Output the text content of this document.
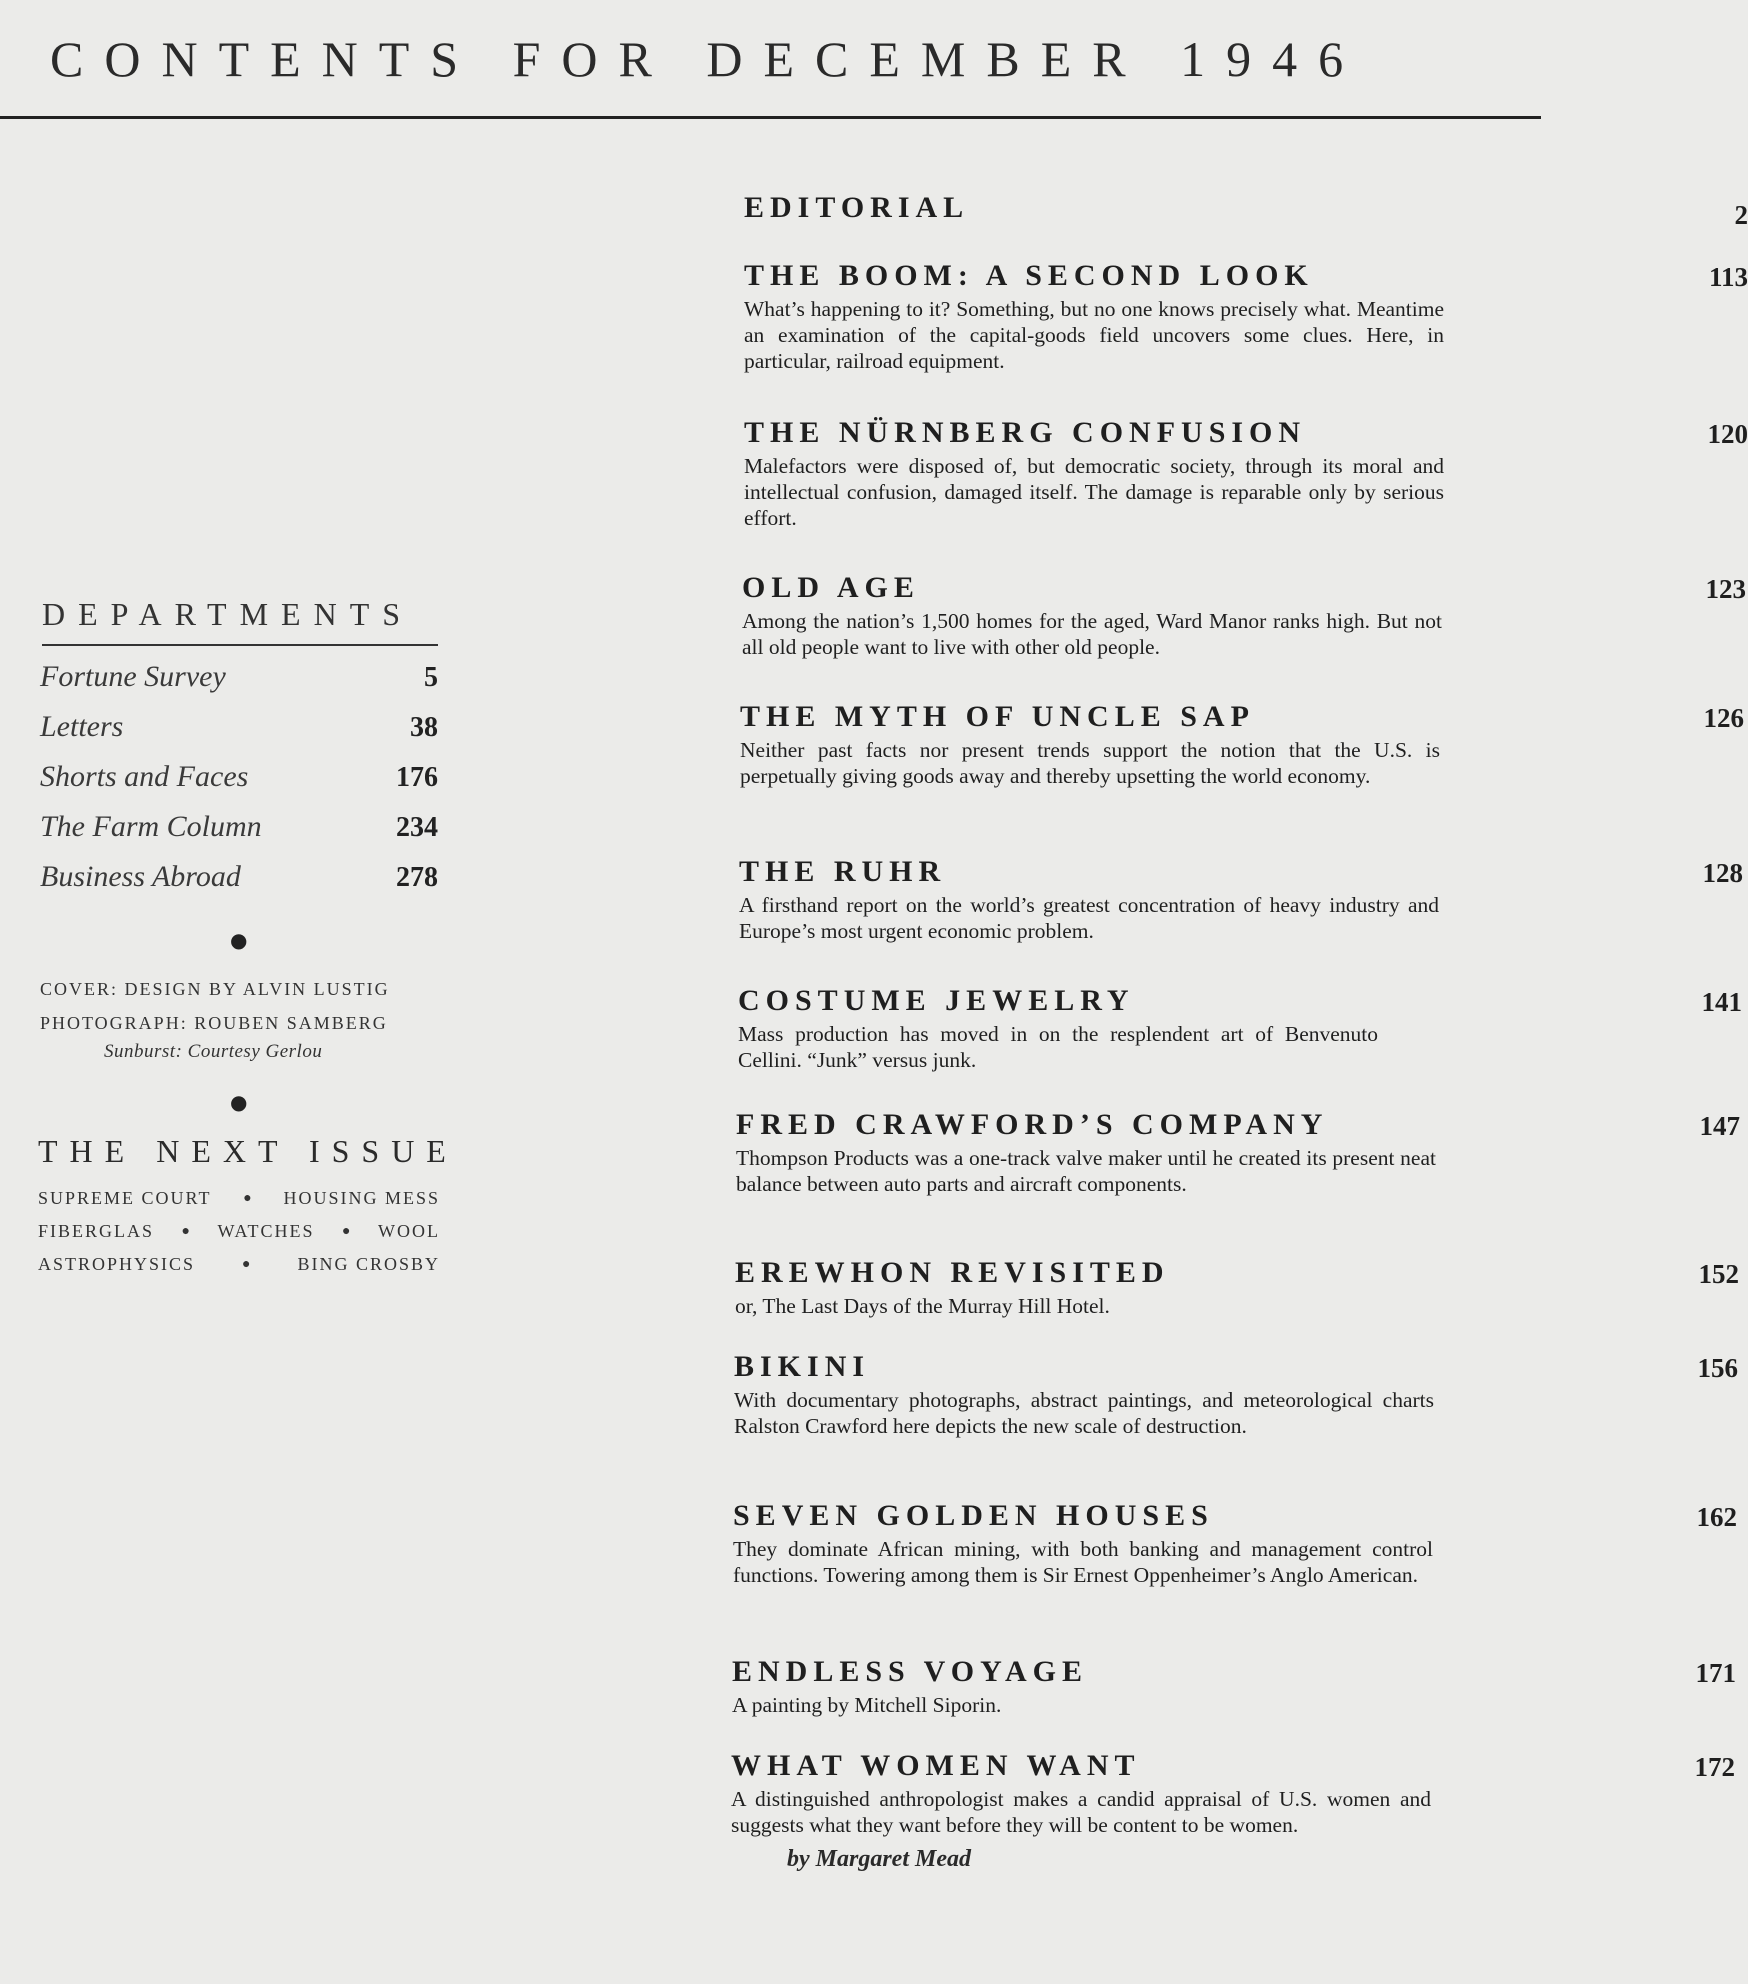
CONTENTS FOR DECEMBER 1946
DEPARTMENTS
Fortune Survey	5
Letters	38
Shorts and Faces	176
The Farm Column	234
Business Abroad	278
●
COVER: DESIGN BY ALVIN LUSTIG
PHOTOGRAPH: ROUBEN SAMBERG
Sunburst: Courtesy Gerlou
●
THE NEXT ISSUE
SUPREME COURT ● HOUSING MESS
FIBERGLAS ● WATCHES ● WOOL
ASTROPHYSICS	●	BING CROSBY
EDITORIAL	2
THE BOOM: A SECOND LOOK	113
What’s happening to it? Something, but no one knows precisely what. Meantime an examination of the capital-goods field uncovers some clues. Here, in particular, railroad equipment.
THE NÜRNBERG CONFUSION	120
Malefactors were disposed of, but democratic society, through its moral and intellectual confusion, damaged itself. The damage is reparable only by serious effort.
OLD AGE	123
Among the nation’s 1,500 homes for the aged, Ward Manor ranks high. But not all old people want to live with other old people.
THE MYTH OF UNCLE SAP	126
Neither past facts nor present trends support the notion that the U.S. is perpetually giving goods away and thereby upsetting the world economy.
THE RUHR	128
A firsthand report on the world’s greatest concentration of heavy industry and Europe’s most urgent economic problem.
COSTUME JEWELRY	141
Mass production has moved in on the resplendent art of Benvenuto Cellini. “Junk” versus junk.
FRED CRAWFORD’S COMPANY	147
Thompson Products was a one-track valve maker until he created its present neat balance between auto parts and aircraft components.
EREWHON REVISITED	152
or, The Last Days of the Murray Hill Hotel.
BIKINI	156
With documentary photographs, abstract paintings, and meteorological charts Ralston Crawford here depicts the new scale of destruction.
SEVEN GOLDEN HOUSES	162
They dominate African mining, with both banking and management control functions. Towering among them is Sir Ernest Oppenheimer’s Anglo American.
ENDLESS VOYAGE	171
A painting by Mitchell Siporin.
WHAT WOMEN WANT	172
A distinguished anthropologist makes a candid appraisal of U.S. women and suggests what they want before they will be content to be women.
by Margaret Mead
